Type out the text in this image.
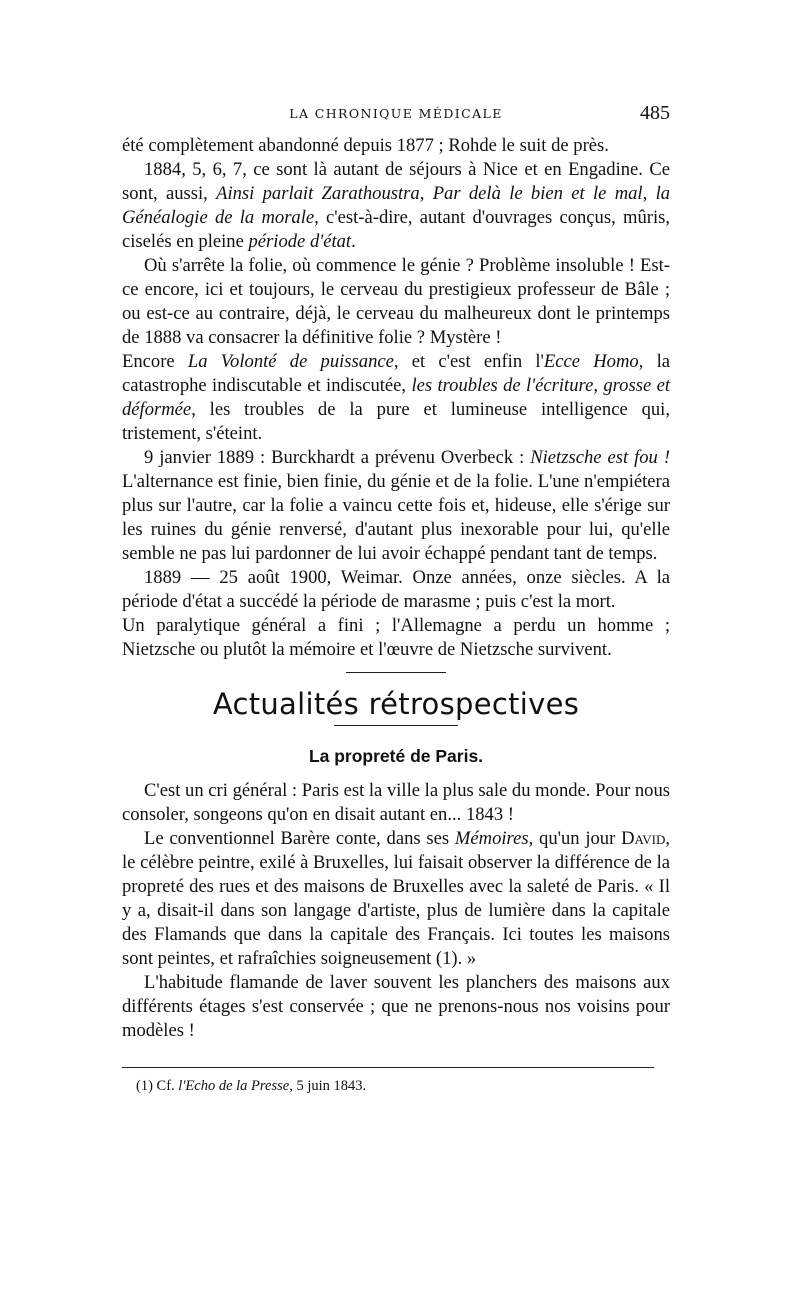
LA CHRONIQUE MÉDICALE	485

été complètement abandonné depuis 1877 ; Rohde le suit de près.

1884, 5, 6, 7, ce sont là autant de séjours à Nice et en Engadine. Ce sont, aussi, Ainsi parlait Zarathoustra, Par delà le bien et le mal, la Généalogie de la morale, c'est-à-dire, autant d'ouvrages conçus, mûris, ciselés en pleine période d'état.

Où s'arrête la folie, où commence le génie ? Problème insoluble ! Est-ce encore, ici et toujours, le cerveau du prestigieux professeur de Bâle ; ou est-ce au contraire, déjà, le cerveau du malheureux dont le printemps de 1888 va consacrer la définitive folie ? Mystère !

Encore La Volonté de puissance, et c'est enfin l'Ecce Homo, la catastrophe indiscutable et indiscutée, les troubles de l'écriture, grosse et déformée, les troubles de la pure et lumineuse intelligence qui, tristement, s'éteint.

9 janvier 1889 : Burckhardt a prévenu Overbeck : Nietzsche est fou ! L'alternance est finie, bien finie, du génie et de la folie. L'une n'empiétera plus sur l'autre, car la folie a vaincu cette fois et, hideuse, elle s'érige sur les ruines du génie renversé, d'autant plus inexorable pour lui, qu'elle semble ne pas lui pardonner de lui avoir échappé pendant tant de temps.

1889 — 25 août 1900, Weimar. Onze années, onze siècles. A la période d'état a succédé la période de marasme ; puis c'est la mort.

Un paralytique général a fini ; l'Allemagne a perdu un homme ; Nietzsche ou plutôt la mémoire et l'œuvre de Nietzsche survivent.

Actualités rétrospectives
La propreté de Paris.

C'est un cri général : Paris est la ville la plus sale du monde. Pour nous consoler, songeons qu'on en disait autant en... 1843 !

Le conventionnel Barère conte, dans ses Mémoires, qu'un jour David, le célèbre peintre, exilé à Bruxelles, lui faisait observer la différence de la propreté des rues et des maisons de Bruxelles avec la saleté de Paris. « Il y a, disait-il dans son langage d'artiste, plus de lumière dans la capitale des Flamands que dans la capitale des Français. Ici toutes les maisons sont peintes, et rafraîchies soigneusement (1). »

L'habitude flamande de laver souvent les planchers des maisons aux différents étages s'est conservée ; que ne prenons-nous nos voisins pour modèles !

(1) Cf. l'Echo de la Presse, 5 juin 1843.
